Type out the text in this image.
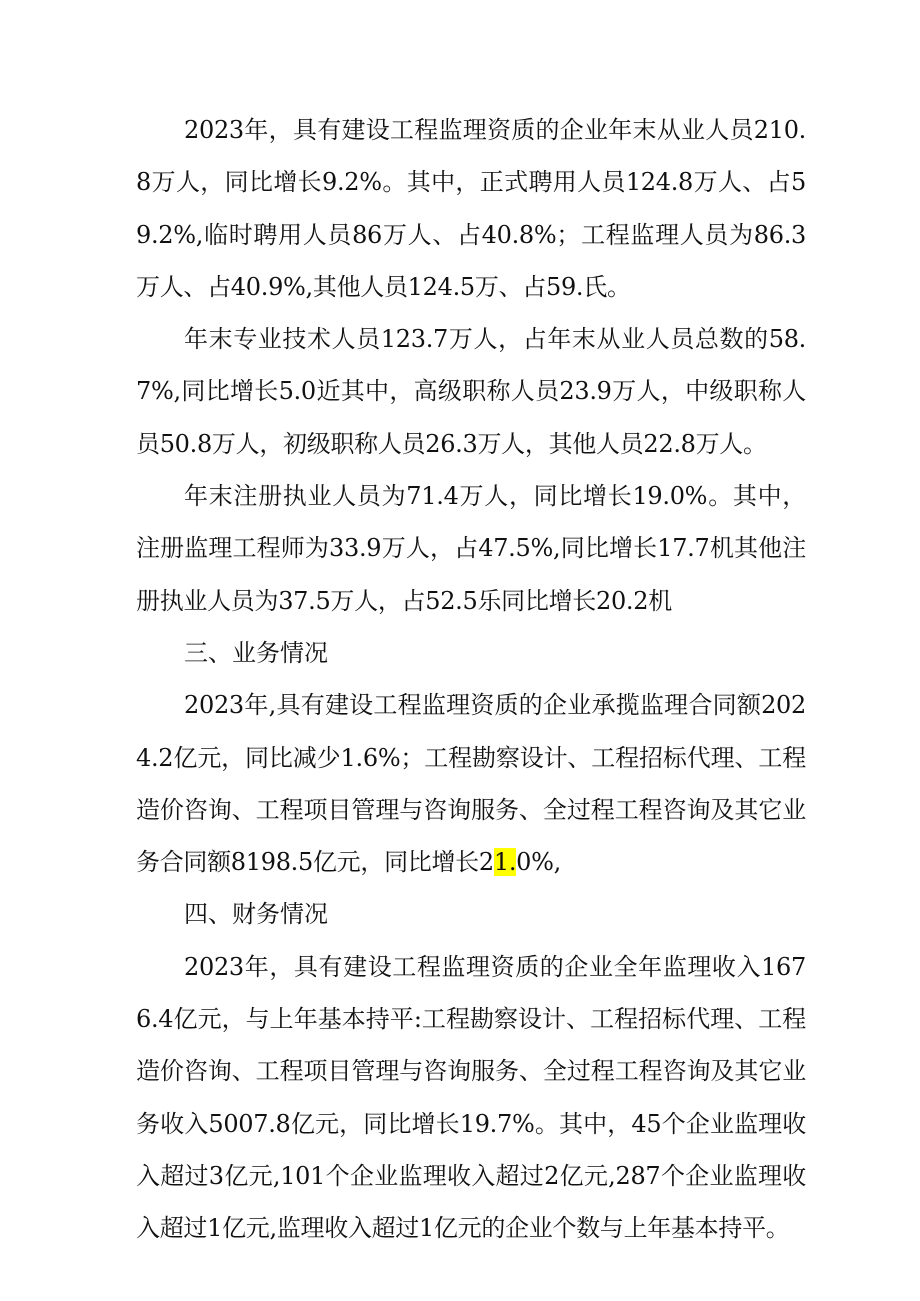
2023年，具有建设工程监理资质的企业年末从业人员210.8万人，同比增长9.2%。其中，正式聘用人员124.8万人、占59.2%,临时聘用人员86万人、占40.8%；工程监理人员为86.3万人、占40.9%,其他人员124.5万、占59.氏。

年末专业技术人员123.7万人，占年末从业人员总数的58.7%,同比增长5.0近其中，高级职称人员23.9万人，中级职称人员50.8万人，初级职称人员26.3万人，其他人员22.8万人。

年末注册执业人员为71.4万人，同比增长19.0%。其中，注册监理工程师为33.9万人，占47.5%,同比增长17.7机其他注册执业人员为37.5万人，占52.5乐同比增长20.2机

三、业务情况

2023年,具有建设工程监理资质的企业承揽监理合同额2024.2亿元，同比减少1.6%；工程勘察设计、工程招标代理、工程造价咨询、工程项目管理与咨询服务、全过程工程咨询及其它业务合同额8198.5亿元，同比增长21.0%,

四、财务情况

2023年，具有建设工程监理资质的企业全年监理收入1676.4亿元，与上年基本持平:工程勘察设计、工程招标代理、工程造价咨询、工程项目管理与咨询服务、全过程工程咨询及其它业务收入5007.8亿元，同比增长19.7%。其中，45个企业监理收入超过3亿元,101个企业监理收入超过2亿元,287个企业监理收入超过1亿元,监理收入超过1亿元的企业个数与上年基本持平。
